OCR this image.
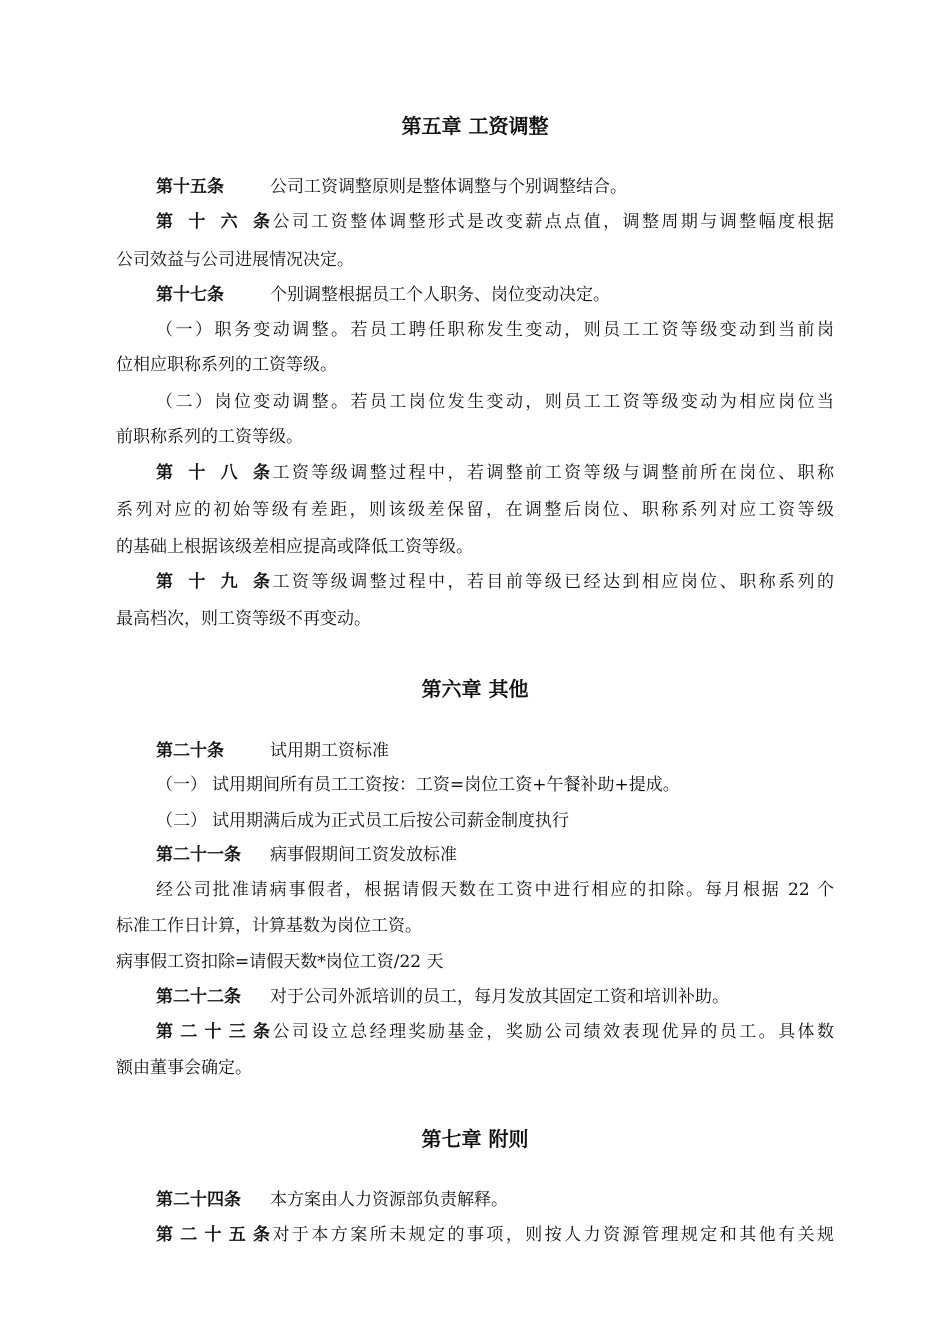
第五章 工资调整
第十五条	公司工资调整原则是整体调整与个别调整结合。
第十六条公司工资整体调整形式是改变薪点点值，调整周期与调整幅度根据
公司效益与公司进展情况决定。
第十七条	个别调整根据员工个人职务、岗位变动决定。
（一）职务变动调整。若员工聘任职称发生变动，则员工工资等级变动到当前岗
位相应职称系列的工资等级。
（二）岗位变动调整。若员工岗位发生变动，则员工工资等级变动为相应岗位当
前职称系列的工资等级。
第十八条工资等级调整过程中，若调整前工资等级与调整前所在岗位、职称
系列对应的初始等级有差距，则该级差保留，在调整后岗位、职称系列对应工资等级
的基础上根据该级差相应提高或降低工资等级。
第十九条工资等级调整过程中，若目前等级已经达到相应岗位、职称系列的
最高档次，则工资等级不再变动。
第六章 其他
第二十条	试用期工资标准
（一） 试用期间所有员工工资按：工资=岗位工资+午餐补助+提成。
（二） 试用期满后成为正式员工后按公司薪金制度执行
第二十一条 病事假期间工资发放标准
经公司批准请病事假者，根据请假天数在工资中进行相应的扣除。每月根据 22 个
标准工作日计算，计算基数为岗位工资。
病事假工资扣除=请假天数*岗位工资/22 天
第二十二条 对于公司外派培训的员工，每月发放其固定工资和培训补助。
第二十三条公司设立总经理奖励基金，奖励公司绩效表现优异的员工。具体数
额由董事会确定。
第七章 附则
第二十四条 本方案由人力资源部负责解释。
第二十五条对于本方案所未规定的事项，则按人力资源管理规定和其他有关规
